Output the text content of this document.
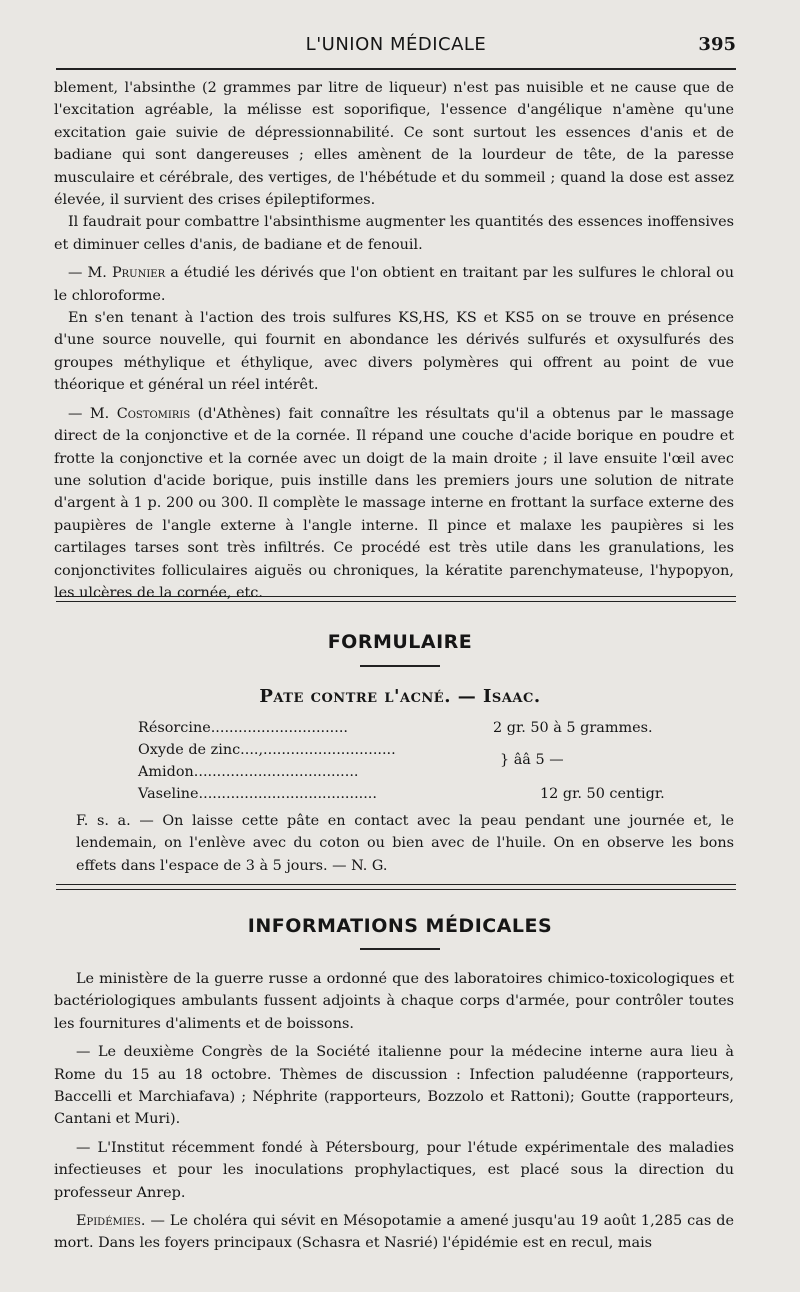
L'UNION MÉDICALE	395

blement, l'absinthe (2 grammes par litre de liqueur) n'est pas nuisible et ne cause que de l'excitation agréable, la mélisse est soporifique, l'essence d'angélique n'amène qu'une excitation gaie suivie de dépressionnabilité. Ce sont surtout les essences d'anis et de badiane qui sont dangereuses ; elles amènent de la lourdeur de tête, de la paresse musculaire et cérébrale, des vertiges, de l'hébétude et du sommeil ; quand la dose est assez élevée, il survient des crises épileptiformes.

Il faudrait pour combattre l'absinthisme augmenter les quantités des essences inoffensives et diminuer celles d'anis, de badiane et de fenouil.

— M. Prunier a étudié les dérivés que l'on obtient en traitant par les sulfures le chloral ou le chloroforme.

En s'en tenant à l'action des trois sulfures KS,HS, KS et KS5 on se trouve en présence d'une source nouvelle, qui fournit en abondance les dérivés sulfurés et oxysulfurés des groupes méthylique et éthylique, avec divers polymères qui offrent au point de vue théorique et général un réel intérêt.

— M. Costomiris (d'Athènes) fait connaître les résultats qu'il a obtenus par le massage direct de la conjonctive et de la cornée. Il répand une couche d'acide borique en poudre et frotte la conjonctive et la cornée avec un doigt de la main droite ; il lave ensuite l'œil avec une solution d'acide borique, puis instille dans les premiers jours une solution de nitrate d'argent à 1 p. 200 ou 300. Il complète le massage interne en frottant la surface externe des paupières de l'angle externe à l'angle interne. Il pince et malaxe les paupières si les cartilages tarses sont très infiltrés. Ce procédé est très utile dans les granulations, les conjonctivites folliculaires aiguës ou chroniques, la kératite parenchymateuse, l'hypopyon, les ulcères de la cornée, etc.

FORMULAIRE
Pate contre l'acné. — Isaac.
Résorcine..............................	2 gr. 50 à 5 grammes.
Oxyde de zinc....,.............................
Amidon....................................
} ââ 5 —
Vaseline.......................................	12 gr. 50 centigr.

F. s. a. — On laisse cette pâte en contact avec la peau pendant une journée et, le lendemain, on l'enlève avec du coton ou bien avec de l'huile. On en observe les bons effets dans l'espace de 3 à 5 jours. — N. G.

INFORMATIONS MÉDICALES

Le ministère de la guerre russe a ordonné que des laboratoires chimico-toxicologiques et bactériologiques ambulants fussent adjoints à chaque corps d'armée, pour contrôler toutes les fournitures d'aliments et de boissons.

— Le deuxième Congrès de la Société italienne pour la médecine interne aura lieu à Rome du 15 au 18 octobre. Thèmes de discussion : Infection paludéenne (rapporteurs, Baccelli et Marchiafava) ; Néphrite (rapporteurs, Bozzolo et Rattoni); Goutte (rapporteurs, Cantani et Muri).

— L'Institut récemment fondé à Pétersbourg, pour l'étude expérimentale des maladies infectieuses et pour les inoculations prophylactiques, est placé sous la direction du professeur Anrep.

Epidémies. — Le choléra qui sévit en Mésopotamie a amené jusqu'au 19 août 1,285 cas de mort. Dans les foyers principaux (Schasra et Nasrié) l'épidémie est en recul, mais
